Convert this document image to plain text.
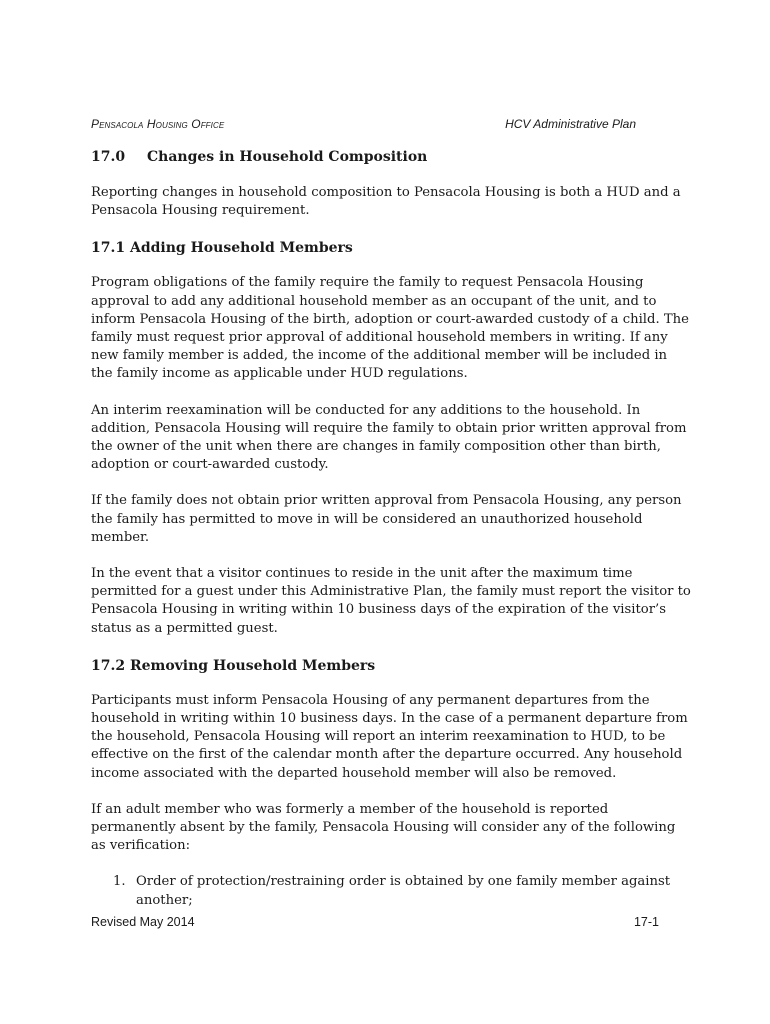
Pensacola Housing Office	HCV Administrative Plan
17.0 Changes in Household Composition

Reporting changes in household composition to Pensacola Housing is both a HUD and a Pensacola Housing requirement.

17.1 Adding Household Members

Program obligations of the family require the family to request Pensacola Housing approval to add any additional household member as an occupant of the unit, and to inform Pensacola Housing of the birth, adoption or court-awarded custody of a child. The family must request prior approval of additional household members in writing. If any new family member is added, the income of the additional member will be included in the family income as applicable under HUD regulations.

An interim reexamination will be conducted for any additions to the household. In addition, Pensacola Housing will require the family to obtain prior written approval from the owner of the unit when there are changes in family composition other than birth, adoption or court-awarded custody.

If the family does not obtain prior written approval from Pensacola Housing, any person the family has permitted to move in will be considered an unauthorized household member.

In the event that a visitor continues to reside in the unit after the maximum time permitted for a guest under this Administrative Plan, the family must report the visitor to Pensacola Housing in writing within 10 business days of the expiration of the visitor’s status as a permitted guest.

17.2 Removing Household Members

Participants must inform Pensacola Housing of any permanent departures from the household in writing within 10 business days. In the case of a permanent departure from the household, Pensacola Housing will report an interim reexamination to HUD, to be effective on the first of the calendar month after the departure occurred. Any household income associated with the departed household member will also be removed.

If an adult member who was formerly a member of the household is reported permanently absent by the family, Pensacola Housing will consider any of the following as verification:

1. Order of protection/restraining order is obtained by one family member against another;
Revised May 2014	17-1
